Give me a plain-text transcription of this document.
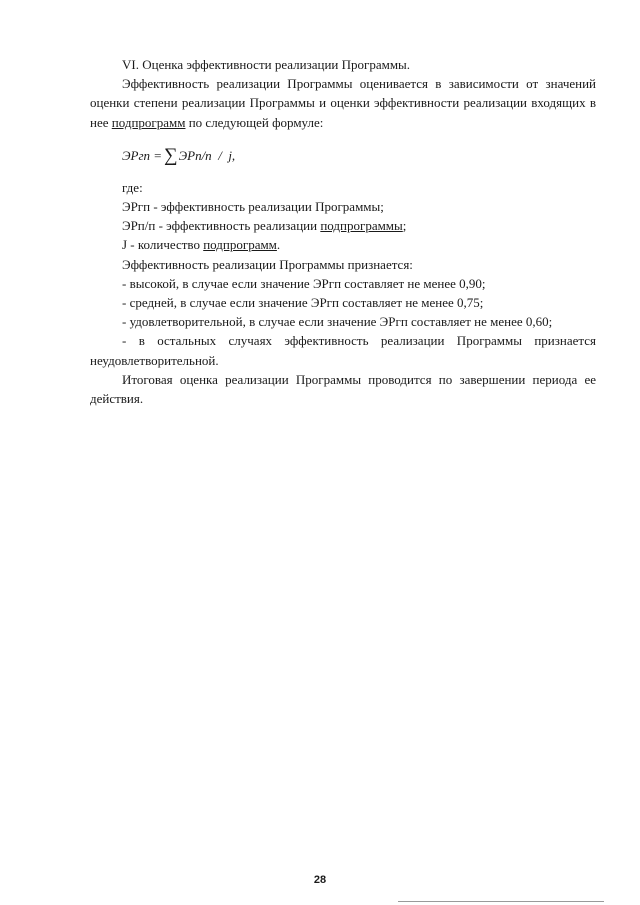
VI. Оценка эффективности реализации Программы.

Эффективность реализации Программы оценивается в зависимости от значений оценки степени реализации Программы и оценки эффективности реализации входящих в нее подпрограмм по следующей формуле:

ЭРгп
= ∑ ЭРп/n
/
j,

где:

ЭРгп - эффективность реализации Программы;

ЭРп/п - эффективность реализации подпрограммы;

J - количество подпрограмм.

Эффективность реализации Программы признается:

- высокой, в случае если значение ЭРгп составляет не менее 0,90;

- средней, в случае если значение ЭРгп составляет не менее 0,75;

- удовлетворительной, в случае если значение ЭРгп составляет не менее 0,60;

- в остальных случаях эффективность реализации Программы признается неудовлетворительной.

Итоговая оценка реализации Программы проводится по завершении периода ее действия.

28
